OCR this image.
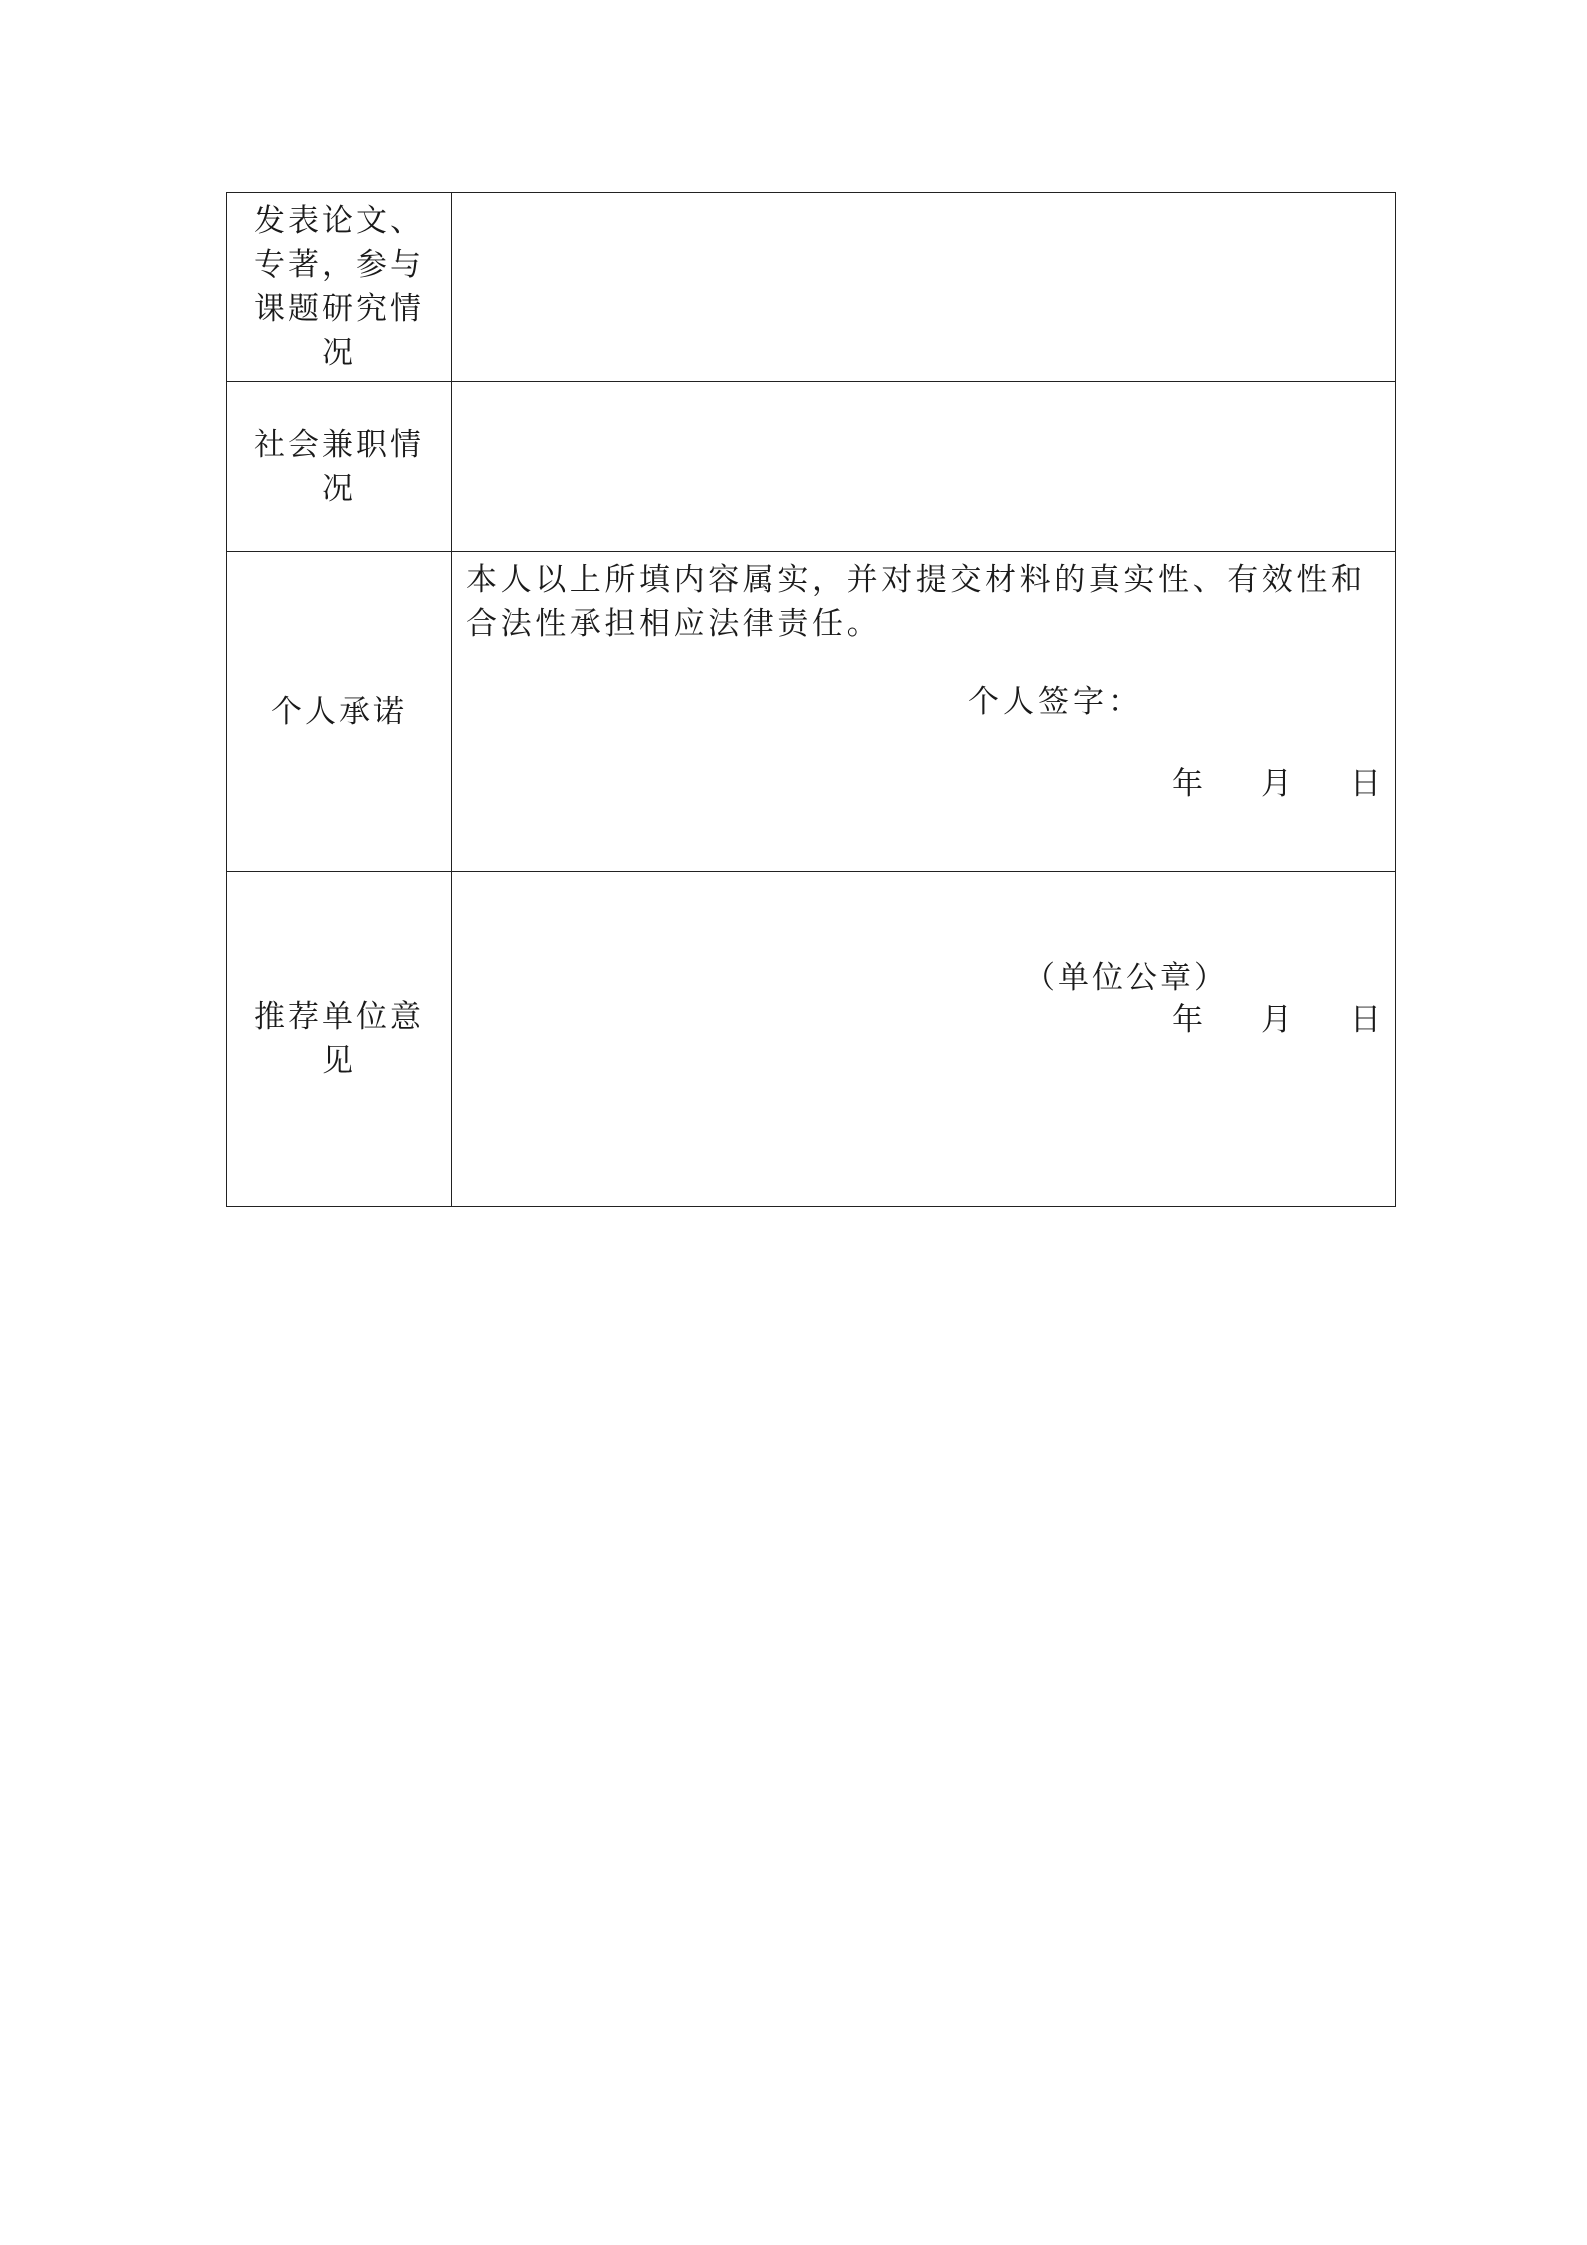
发表论文、专著，参与课题研究情况	
社会兼职情况	
个人承诺	本人以上所填内容属实，并对提交材料的真实性、有效性和合法性承担相应法律责任。
个人签字：
年 月 日

推荐单位意见	（单位公章）
年 月 日
